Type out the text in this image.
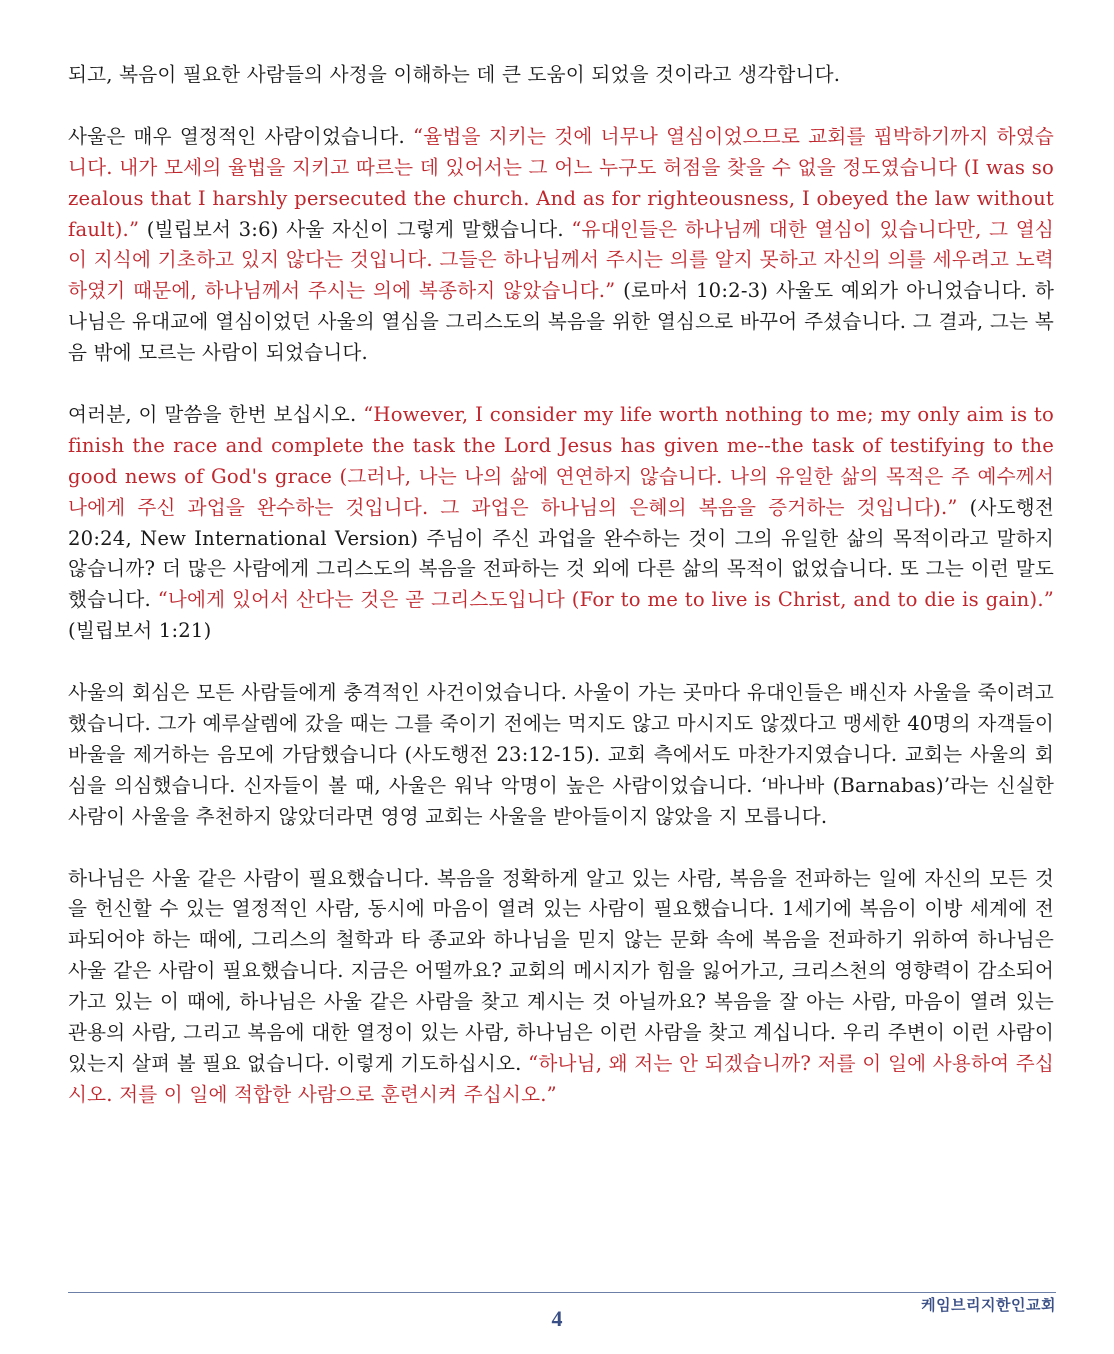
되고, 복음이 필요한 사람들의 사정을 이해하는 데 큰 도움이 되었을 것이라고 생각합니다.

사울은 매우 열정적인 사람이었습니다. “율법을 지키는 것에 너무나 열심이었으므로 교회를 핍박하기까지 하였습니다. 내가 모세의 율법을 지키고 따르는 데 있어서는 그 어느 누구도 허점을 찾을 수 없을 정도였습니다 (I was so zealous that I harshly persecuted the church. And as for righteousness, I obeyed the law without fault).” (빌립보서 3:6) 사울 자신이 그렇게 말했습니다. “유대인들은 하나님께 대한 열심이 있습니다만, 그 열심이 지식에 기초하고 있지 않다는 것입니다. 그들은 하나님께서 주시는 의를 알지 못하고 자신의 의를 세우려고 노력하였기 때문에, 하나님께서 주시는 의에 복종하지 않았습니다.” (로마서 10:2-3) 사울도 예외가 아니었습니다. 하나님은 유대교에 열심이었던 사울의 열심을 그리스도의 복음을 위한 열심으로 바꾸어 주셨습니다. 그 결과, 그는 복음 밖에 모르는 사람이 되었습니다.

여러분, 이 말씀을 한번 보십시오. “However, I consider my life worth nothing to me; my only aim is to finish the race and complete the task the Lord Jesus has given me--the task of testifying to the good news of God's grace (그러나, 나는 나의 삶에 연연하지 않습니다. 나의 유일한 삶의 목적은 주 예수께서 나에게 주신 과업을 완수하는 것입니다. 그 과업은 하나님의 은혜의 복음을 증거하는 것입니다).” (사도행전 20:24, New International Version) 주님이 주신 과업을 완수하는 것이 그의 유일한 삶의 목적이라고 말하지 않습니까? 더 많은 사람에게 그리스도의 복음을 전파하는 것 외에 다른 삶의 목적이 없었습니다. 또 그는 이런 말도 했습니다. “나에게 있어서 산다는 것은 곧 그리스도입니다 (For to me to live is Christ, and to die is gain).” (빌립보서 1:21)

사울의 회심은 모든 사람들에게 충격적인 사건이었습니다. 사울이 가는 곳마다 유대인들은 배신자 사울을 죽이려고 했습니다. 그가 예루살렘에 갔을 때는 그를 죽이기 전에는 먹지도 않고 마시지도 않겠다고 맹세한 40명의 자객들이 바울을 제거하는 음모에 가담했습니다 (사도행전 23:12-15). 교회 측에서도 마찬가지였습니다. 교회는 사울의 회심을 의심했습니다. 신자들이 볼 때, 사울은 워낙 악명이 높은 사람이었습니다. ‘바나바 (Barnabas)’라는 신실한 사람이 사울을 추천하지 않았더라면 영영 교회는 사울을 받아들이지 않았을 지 모릅니다.

하나님은 사울 같은 사람이 필요했습니다. 복음을 정확하게 알고 있는 사람, 복음을 전파하는 일에 자신의 모든 것을 헌신할 수 있는 열정적인 사람, 동시에 마음이 열려 있는 사람이 필요했습니다. 1세기에 복음이 이방 세계에 전파되어야 하는 때에, 그리스의 철학과 타 종교와 하나님을 믿지 않는 문화 속에 복음을 전파하기 위하여 하나님은 사울 같은 사람이 필요했습니다. 지금은 어떨까요? 교회의 메시지가 힘을 잃어가고, 크리스천의 영향력이 감소되어 가고 있는 이 때에, 하나님은 사울 같은 사람을 찾고 계시는 것 아닐까요? 복음을 잘 아는 사람, 마음이 열려 있는 관용의 사람, 그리고 복음에 대한 열정이 있는 사람, 하나님은 이런 사람을 찾고 계십니다. 우리 주변이 이런 사람이 있는지 살펴 볼 필요 없습니다. 이렇게 기도하십시오. “하나님, 왜 저는 안 되겠습니까? 저를 이 일에 사용하여 주십시오. 저를 이 일에 적합한 사람으로 훈련시켜 주십시오.”

4
케임브리지한인교회
